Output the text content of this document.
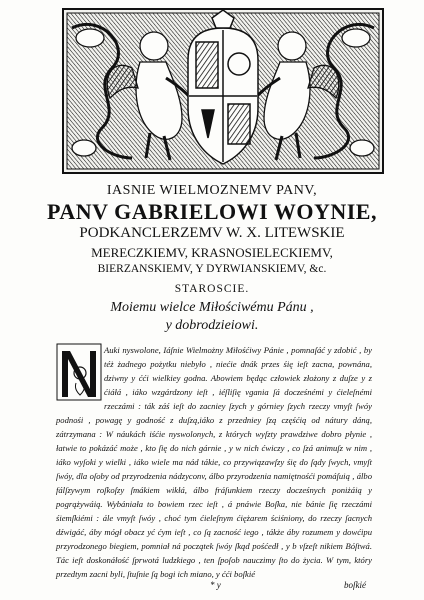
IASNIE WIELMOZNEMV PANV,
PANV GABRIELOWI WOYNIE,
PODKANCLERZEMV W. X. LITEWSKIE
MERECZKIEMV, KRASNOSIELECKIEMV,
BIERZANSKIEMV, Y DYRWIANSKIEMV, &c.
STAROSCIE.
Moiemu wielce Miłościwému Pánu ,
y dobrodzieiowi.

Auki nyswolone, Iáſnie Wielmożny Miłośćiwy Pánie , pomnaſáć y zdobić , by téż żadnego pożytku niebyło , niećie dnák przes śię ieſt zacna, pownána, dziwny y ćći wielkiey godna. Abowiem będąc człowiek złożony z duſze y z ćiáłá , iáko wzgárdzony ieſt , iéſliſię vgania ſá docześnémi y ćieleſnémi rzeczámi : ták záś ieſt do zacniey ſzych y górniey ſzych rzeczy vmyſt ſwóy podnośi , powagę y godność z duſzą,iáko z przedniey ſzą częśćią od nátury dáną, zátrzymana : W náukách iśćie nyswolonych, z których wyſzty prawdziwe dobro płynie , łatwie to pokázáć może , kto ſię do nich gárnie , y w nich ćwiczy , co ſzá animuſz w nim , iáko wyſoki y wielki , iáko wiele ma nád tákie, co przywiązawſzy śię do ſądy ſwych, vmyſt ſwóy, dla oſoby od przyrodzenia nádzyconv, álbo przyrodzenia namiętnośći pomáſuią , álbo fálſzywym roſkoſzy ſmákiem wikłá, álbo fráſunkiem rzeczy docześnych poniżáią y pogrążywáią. Wybániała to bowiem rzec ieſt , á pnáwie Boſka, nie bánie ſię rzeczámi śiemſkiémi : ále vmyſt ſwóy , choć tym ćieleſnym ćiężarem ściśniony, do rzeczy ſacnych dźwigáć, áby mógł obacz yć ćym ieſt , co ſą zacność iego , tákże áby rozumem y dowćipu przyrodzonego biegiem, pomniał ná początek ſwóy ſkąd pośćedł , y b vſzeſt nikiem Bóſtwá. Tác ieſt doskonáłość ſprwotá ludzkiego , ten ſpoſob nauczimy ſto do życia. W tym, który przedtym zacni byli, ſtuſnie ſą bogi ich miano, y ćći boſkié

* y	boſkié
